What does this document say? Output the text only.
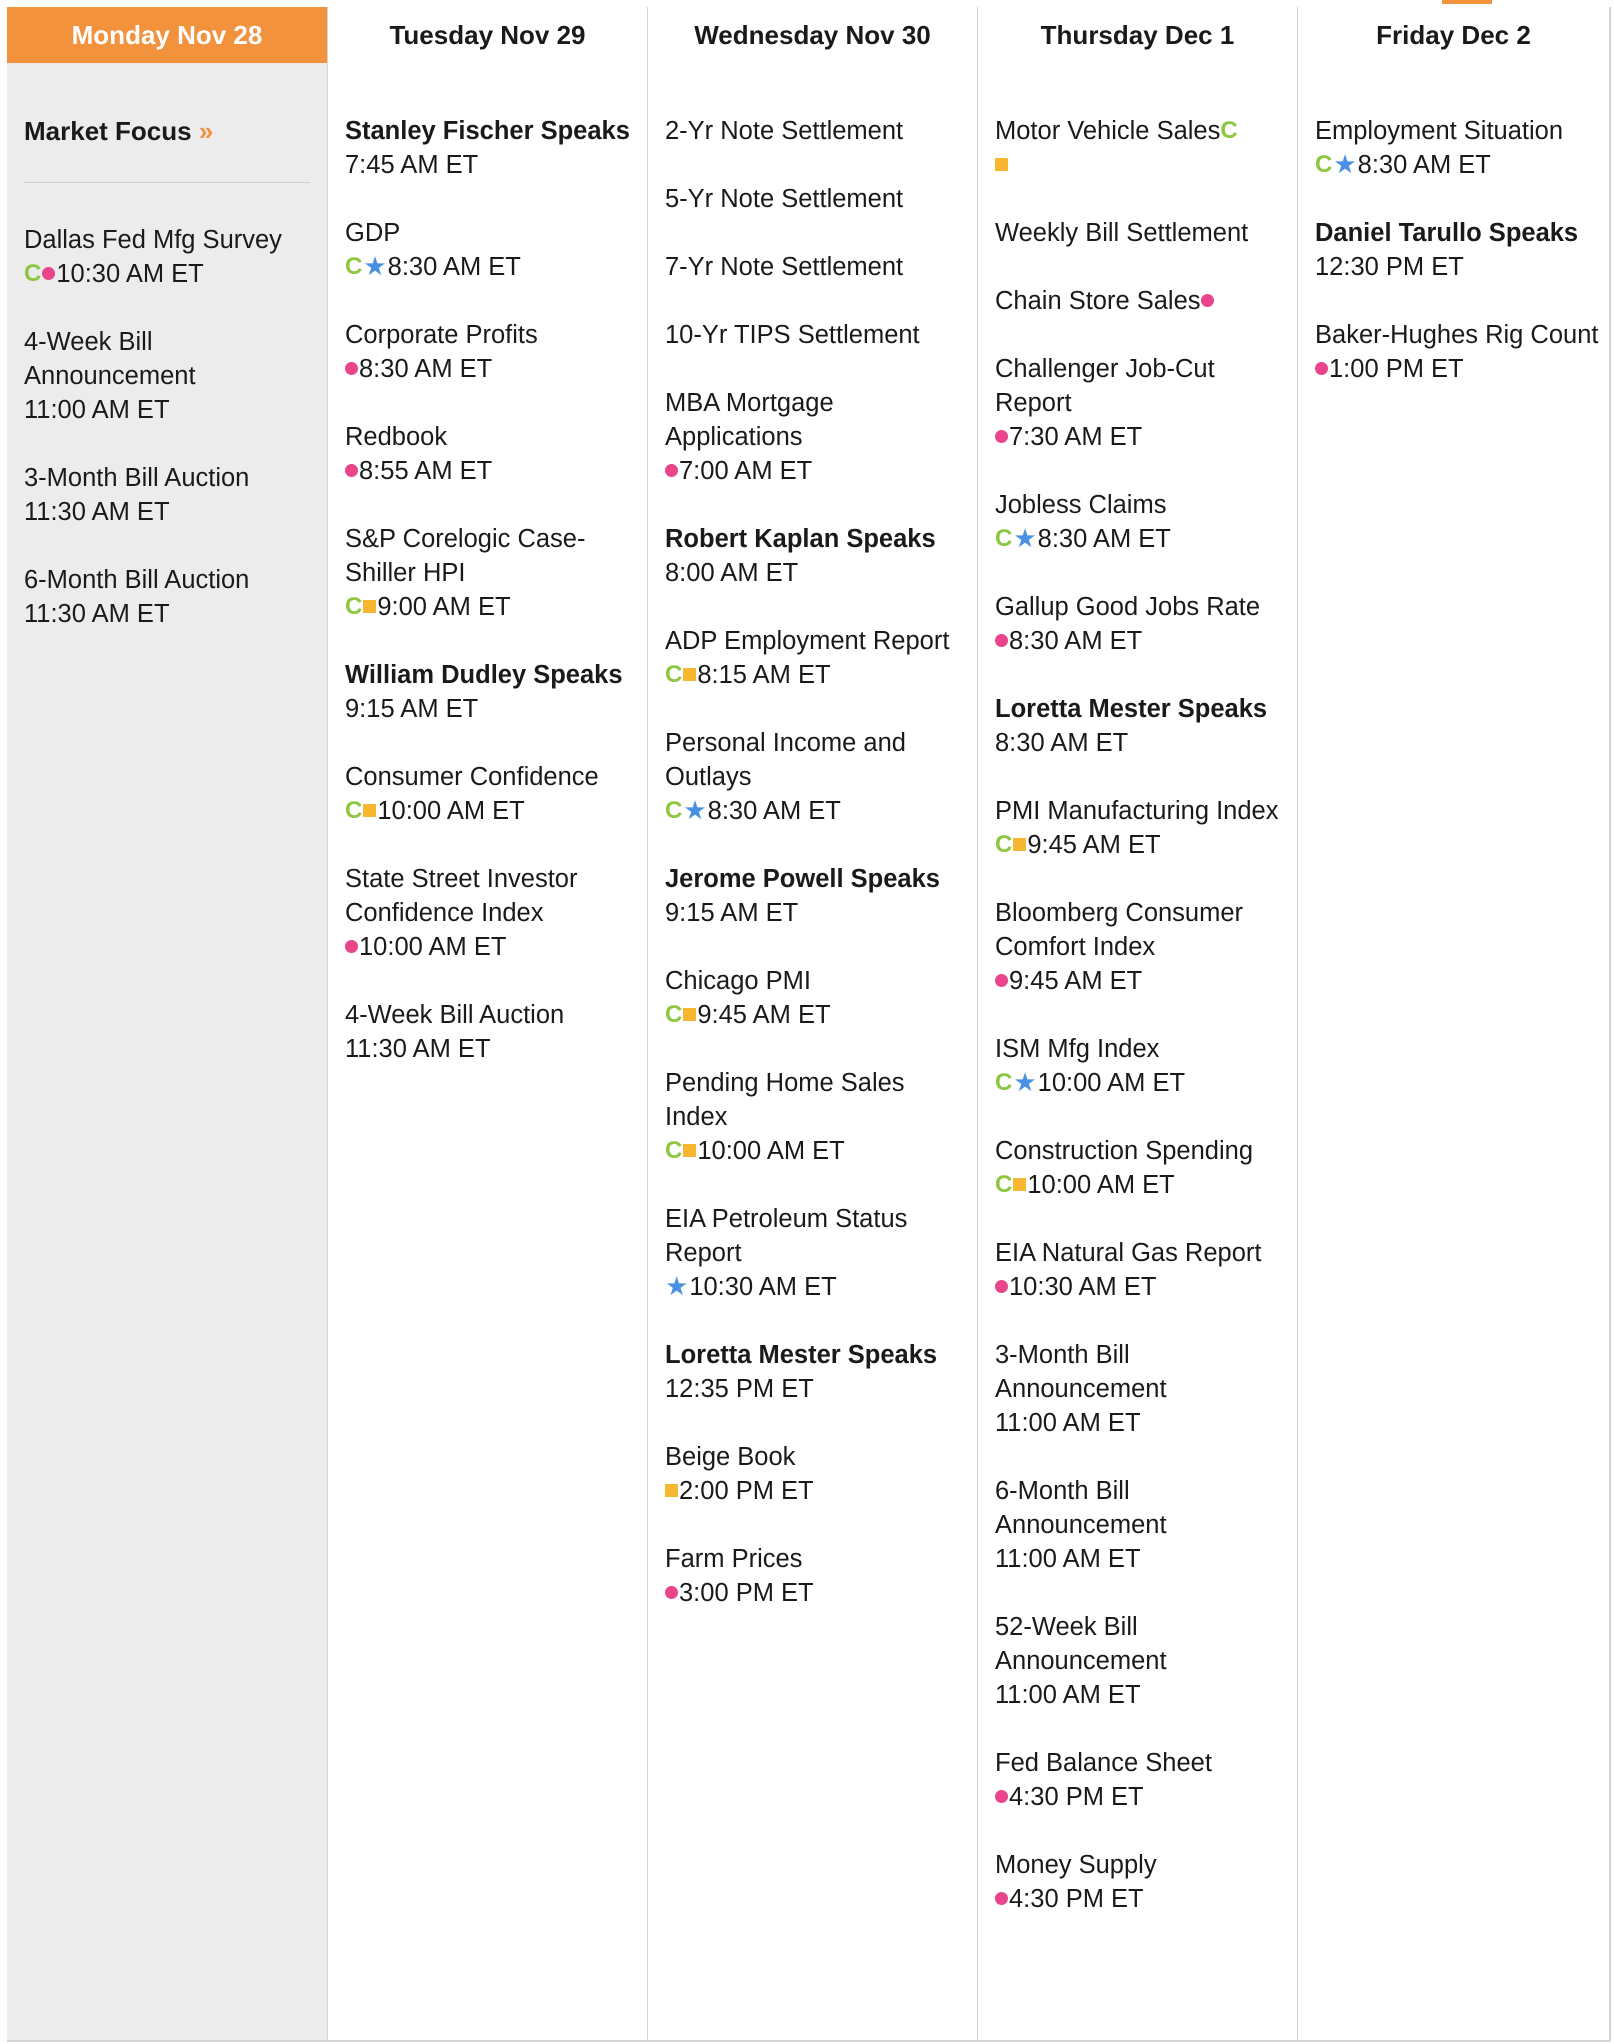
Monday Nov 28
Market Focus »
Dallas Fed Mfg Survey
C 10:30 AM ET
4-Week Bill Announcement
11:00 AM ET
3-Month Bill Auction
11:30 AM ET
6-Month Bill Auction
11:30 AM ET
Tuesday Nov 29
Stanley Fischer Speaks
7:45 AM ET
GDP
C★8:30 AM ET
Corporate Profits
8:30 AM ET
Redbook
8:55 AM ET
S&P Corelogic Case-Shiller HPI
C 9:00 AM ET
William Dudley Speaks
9:15 AM ET
Consumer Confidence
C 10:00 AM ET
State Street Investor Confidence Index
10:00 AM ET
4-Week Bill Auction
11:30 AM ET
Wednesday Nov 30
2-Yr Note Settlement
5-Yr Note Settlement
7-Yr Note Settlement
10-Yr TIPS Settlement
MBA Mortgage Applications
7:00 AM ET
Robert Kaplan Speaks
8:00 AM ET
ADP Employment Report
C 8:15 AM ET
Personal Income and Outlays
C★8:30 AM ET
Jerome Powell Speaks
9:15 AM ET
Chicago PMI
C 9:45 AM ET
Pending Home Sales Index
C 10:00 AM ET
EIA Petroleum Status Report
★10:30 AM ET
Loretta Mester Speaks
12:35 PM ET
Beige Book
2:00 PM ET
Farm Prices
3:00 PM ET
Thursday Dec 1
Motor Vehicle SalesC
Weekly Bill Settlement
Chain Store Sales
Challenger Job-Cut Report
7:30 AM ET
Jobless Claims
C★8:30 AM ET
Gallup Good Jobs Rate
8:30 AM ET
Loretta Mester Speaks
8:30 AM ET
PMI Manufacturing Index
C 9:45 AM ET
Bloomberg Consumer Comfort Index
9:45 AM ET
ISM Mfg Index
C★10:00 AM ET
Construction Spending
C 10:00 AM ET
EIA Natural Gas Report
10:30 AM ET
3-Month Bill Announcement
11:00 AM ET
6-Month Bill Announcement
11:00 AM ET
52-Week Bill Announcement
11:00 AM ET
Fed Balance Sheet
4:30 PM ET
Money Supply
4:30 PM ET
Friday Dec 2
Employment Situation
C★8:30 AM ET
Daniel Tarullo Speaks
12:30 PM ET
Baker-Hughes Rig Count
1:00 PM ET
